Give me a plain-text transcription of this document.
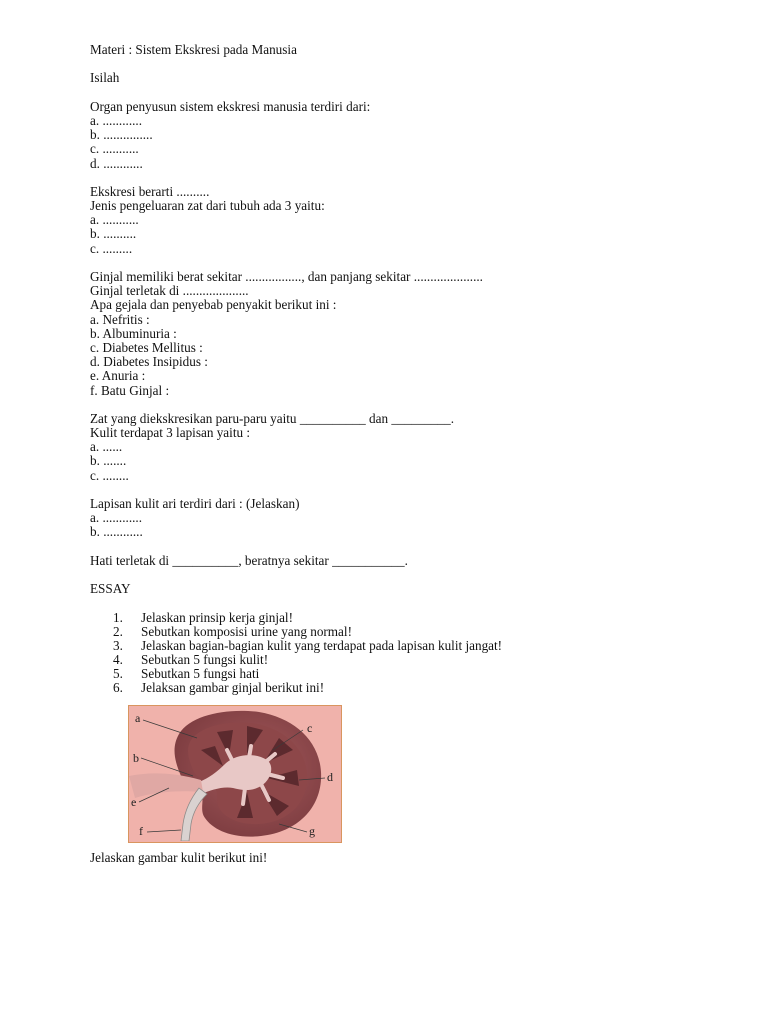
Materi : Sistem Ekskresi pada Manusia
Isilah
Organ penyusun sistem ekskresi manusia terdiri dari:
a. ............
b. ...............
c. ...........
d. ............
Ekskresi berarti ..........
Jenis pengeluaran zat dari tubuh ada 3 yaitu:
a. ...........
b. ..........
c. .........
Ginjal memiliki berat sekitar ................., dan panjang sekitar .....................
Ginjal terletak di ....................
Apa gejala dan penyebab penyakit berikut ini :
a. Nefritis :
b. Albuminuria :
c. Diabetes Mellitus :
d. Diabetes Insipidus :
e. Anuria :
f. Batu Ginjal :
Zat yang diekskresikan paru-paru yaitu __________ dan _________.
Kulit terdapat 3 lapisan yaitu :
a. ......
b. .......
c. ........
Lapisan kulit ari terdiri dari : (Jelaskan)
a. ............
b. ............
Hati terletak di __________, beratnya sekitar ___________.
ESSAY
1. Jelaskan prinsip kerja ginjal!
2. Sebutkan komposisi urine yang normal!
3. Jelaskan bagian-bagian kulit yang terdapat pada lapisan kulit jangat!
4. Sebutkan 5 fungsi kulit!
5. Sebutkan 5 fungsi hati
6. Jelaksan gambar ginjal berikut ini!
a
c
b
d
e
f	g
Jelaskan gambar kulit berikut ini!
